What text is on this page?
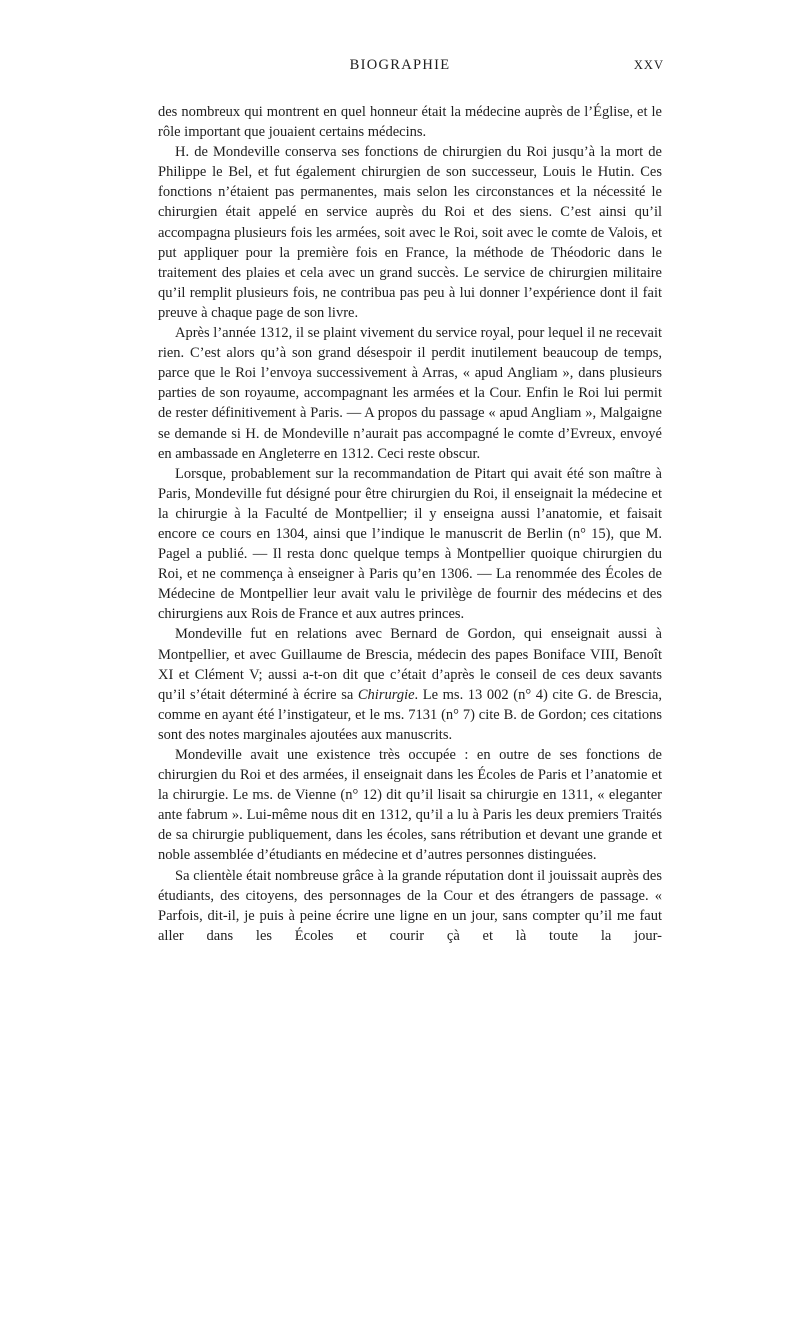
BIOGRAPHIE	XXV

des nombreux qui montrent en quel honneur était la médecine auprès de l’Église, et le rôle important que jouaient certains médecins.

H. de Mondeville conserva ses fonctions de chirurgien du Roi jusqu’à la mort de Philippe le Bel, et fut également chirurgien de son successeur, Louis le Hutin. Ces fonctions n’étaient pas permanentes, mais selon les circonstances et la nécessité le chirurgien était appelé en service auprès du Roi et des siens. C’est ainsi qu’il accompagna plusieurs fois les armées, soit avec le Roi, soit avec le comte de Valois, et put appliquer pour la première fois en France, la méthode de Théodoric dans le traitement des plaies et cela avec un grand succès. Le service de chirurgien militaire qu’il remplit plusieurs fois, ne contribua pas peu à lui donner l’expérience dont il fait preuve à chaque page de son livre.

Après l’année 1312, il se plaint vivement du service royal, pour lequel il ne recevait rien. C’est alors qu’à son grand désespoir il perdit inutilement beaucoup de temps, parce que le Roi l’envoya successivement à Arras, « apud Angliam », dans plusieurs parties de son royaume, accompagnant les armées et la Cour. Enfin le Roi lui permit de rester définitivement à Paris. — A propos du passage « apud Angliam », Malgaigne se demande si H. de Mondeville n’aurait pas accompagné le comte d’Evreux, envoyé en ambassade en Angleterre en 1312. Ceci reste obscur.

Lorsque, probablement sur la recommandation de Pitart qui avait été son maître à Paris, Mondeville fut désigné pour être chirurgien du Roi, il enseignait la médecine et la chirurgie à la Faculté de Montpellier; il y enseigna aussi l’anatomie, et faisait encore ce cours en 1304, ainsi que l’indique le manuscrit de Berlin (n° 15), que M. Pagel a publié. — Il resta donc quelque temps à Montpellier quoique chirurgien du Roi, et ne commença à enseigner à Paris qu’en 1306. — La renommée des Écoles de Médecine de Montpellier leur avait valu le privilège de fournir des médecins et des chirurgiens aux Rois de France et aux autres princes.

Mondeville fut en relations avec Bernard de Gordon, qui enseignait aussi à Montpellier, et avec Guillaume de Brescia, médecin des papes Boniface VIII, Benoît XI et Clément V; aussi a-t-on dit que c’était d’après le conseil de ces deux savants qu’il s’était déterminé à écrire sa Chirurgie. Le ms. 13 002 (n° 4) cite G. de Brescia, comme en ayant été l’instigateur, et le ms. 7131 (n° 7) cite B. de Gordon; ces citations sont des notes marginales ajoutées aux manuscrits.

Mondeville avait une existence très occupée : en outre de ses fonctions de chirurgien du Roi et des armées, il enseignait dans les Écoles de Paris et l’anatomie et la chirurgie. Le ms. de Vienne (n° 12) dit qu’il lisait sa chirurgie en 1311, « eleganter ante fabrum ». Lui-même nous dit en 1312, qu’il a lu à Paris les deux premiers Traités de sa chirurgie publiquement, dans les écoles, sans rétribution et devant une grande et noble assemblée d’étudiants en médecine et d’autres personnes distinguées.

Sa clientèle était nombreuse grâce à la grande réputation dont il jouissait auprès des étudiants, des citoyens, des personnages de la Cour et des étrangers de passage. « Parfois, dit-il, je puis à peine écrire une ligne en un jour, sans compter qu’il me faut aller dans les Écoles et courir çà et là toute la jour-
